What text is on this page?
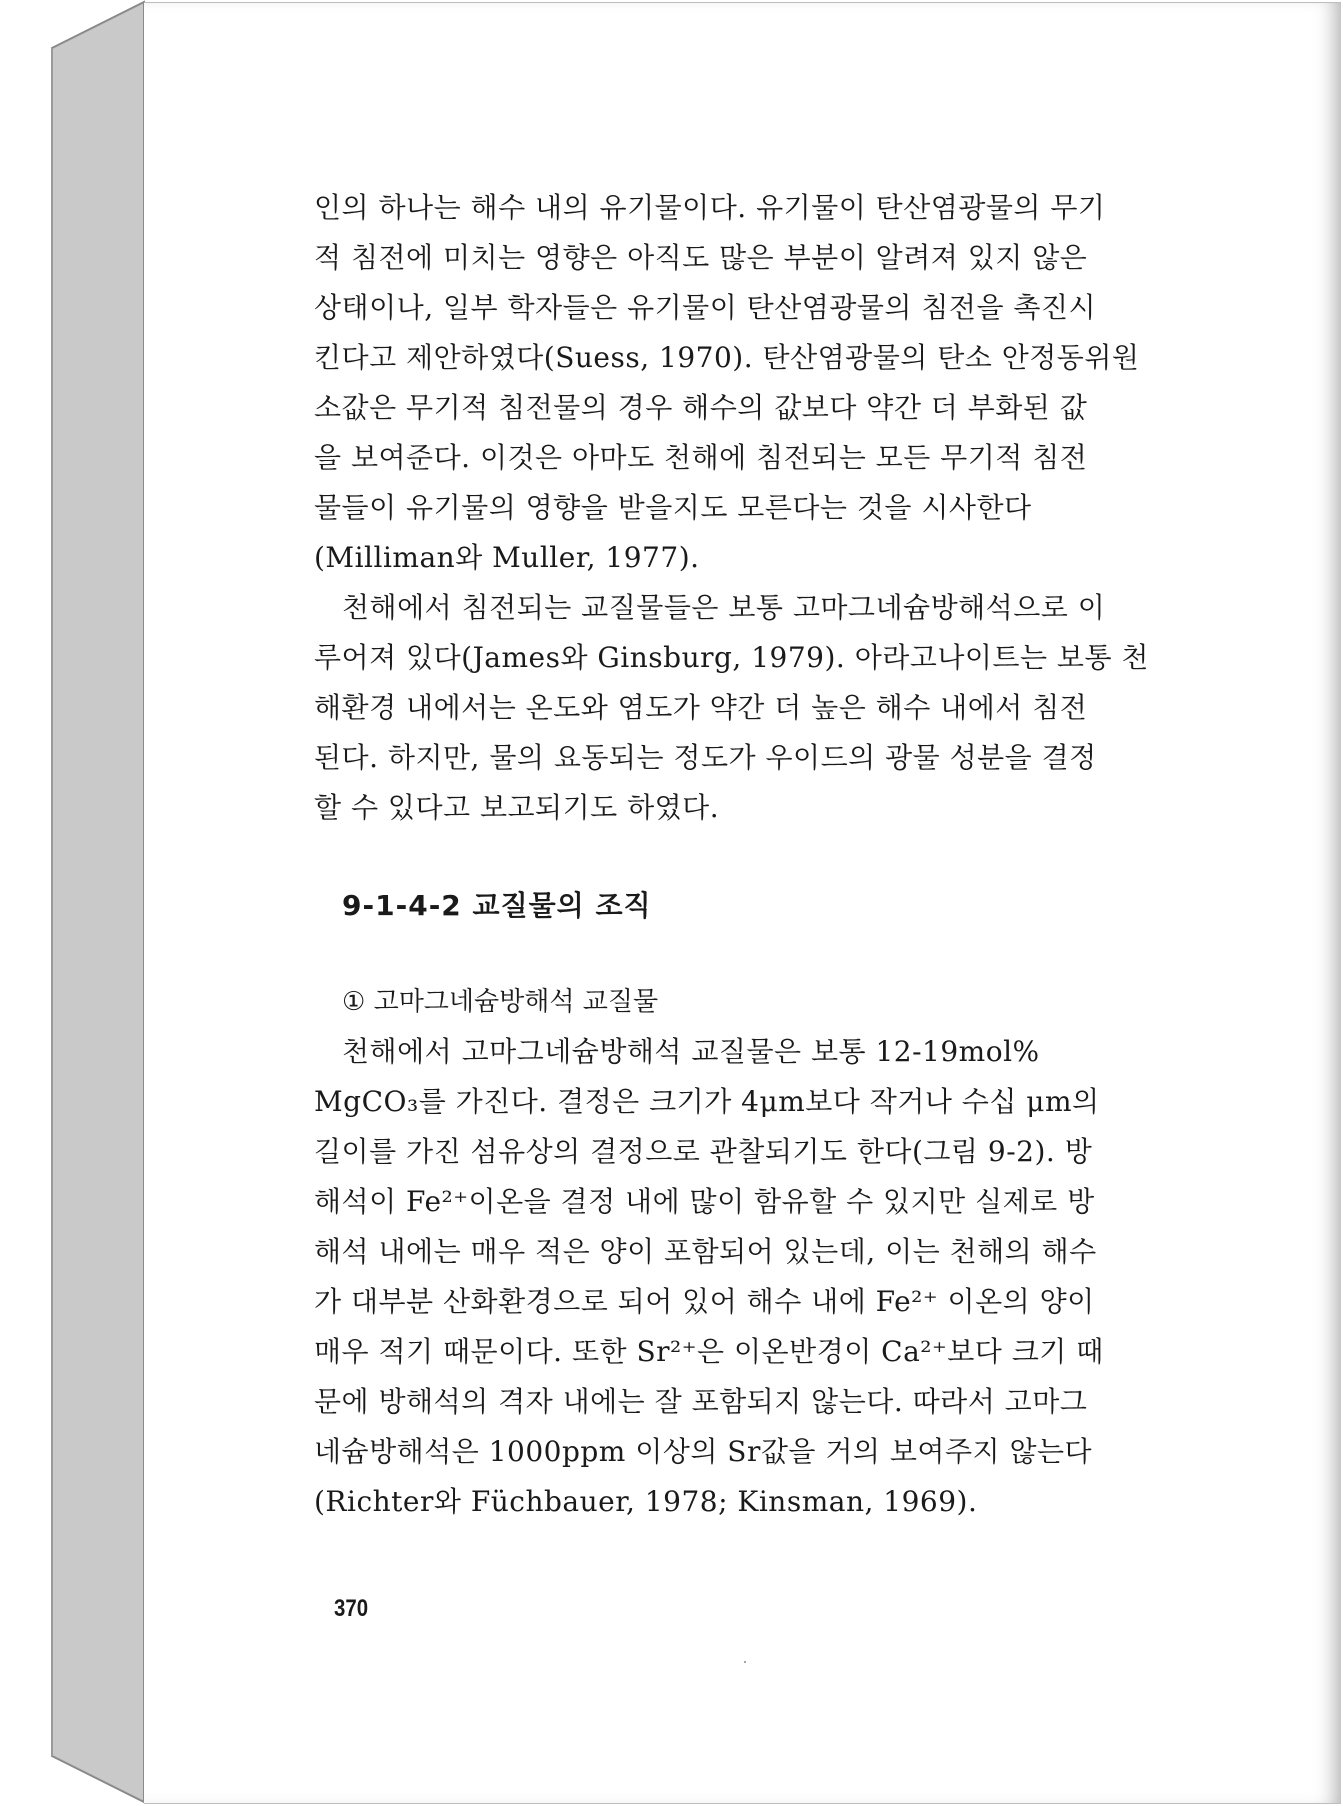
인의 하나는 해수 내의 유기물이다. 유기물이 탄산염광물의 무기

적 침전에 미치는 영향은 아직도 많은 부분이 알려져 있지 않은

상태이나, 일부 학자들은 유기물이 탄산염광물의 침전을 촉진시

킨다고 제안하였다(Suess, 1970). 탄산염광물의 탄소 안정동위원

소값은 무기적 침전물의 경우 해수의 값보다 약간 더 부화된 값

을 보여준다. 이것은 아마도 천해에 침전되는 모든 무기적 침전

물들이 유기물의 영향을 받을지도 모른다는 것을 시사한다

(Milliman와 Muller, 1977).

천해에서 침전되는 교질물들은 보통 고마그네슘방해석으로 이

루어져 있다(James와 Ginsburg, 1979). 아라고나이트는 보통 천

해환경 내에서는 온도와 염도가 약간 더 높은 해수 내에서 침전

된다. 하지만, 물의 요동되는 정도가 우이드의 광물 성분을 결정

할 수 있다고 보고되기도 하였다.

9-1-4-2 교질물의 조직
① 고마그네슘방해석 교질물

천해에서 고마그네슘방해석 교질물은 보통 12-19mol%

MgCO₃를 가진다. 결정은 크기가 4μm보다 작거나 수십 μm의

길이를 가진 섬유상의 결정으로 관찰되기도 한다(그림 9-2). 방

해석이 Fe²⁺이온을 결정 내에 많이 함유할 수 있지만 실제로 방

해석 내에는 매우 적은 양이 포함되어 있는데, 이는 천해의 해수

가 대부분 산화환경으로 되어 있어 해수 내에 Fe²⁺ 이온의 양이

매우 적기 때문이다. 또한 Sr²⁺은 이온반경이 Ca²⁺보다 크기 때

문에 방해석의 격자 내에는 잘 포함되지 않는다. 따라서 고마그

네슘방해석은 1000ppm 이상의 Sr값을 거의 보여주지 않는다

(Richter와 Füchbauer, 1978; Kinsman, 1969).

370
